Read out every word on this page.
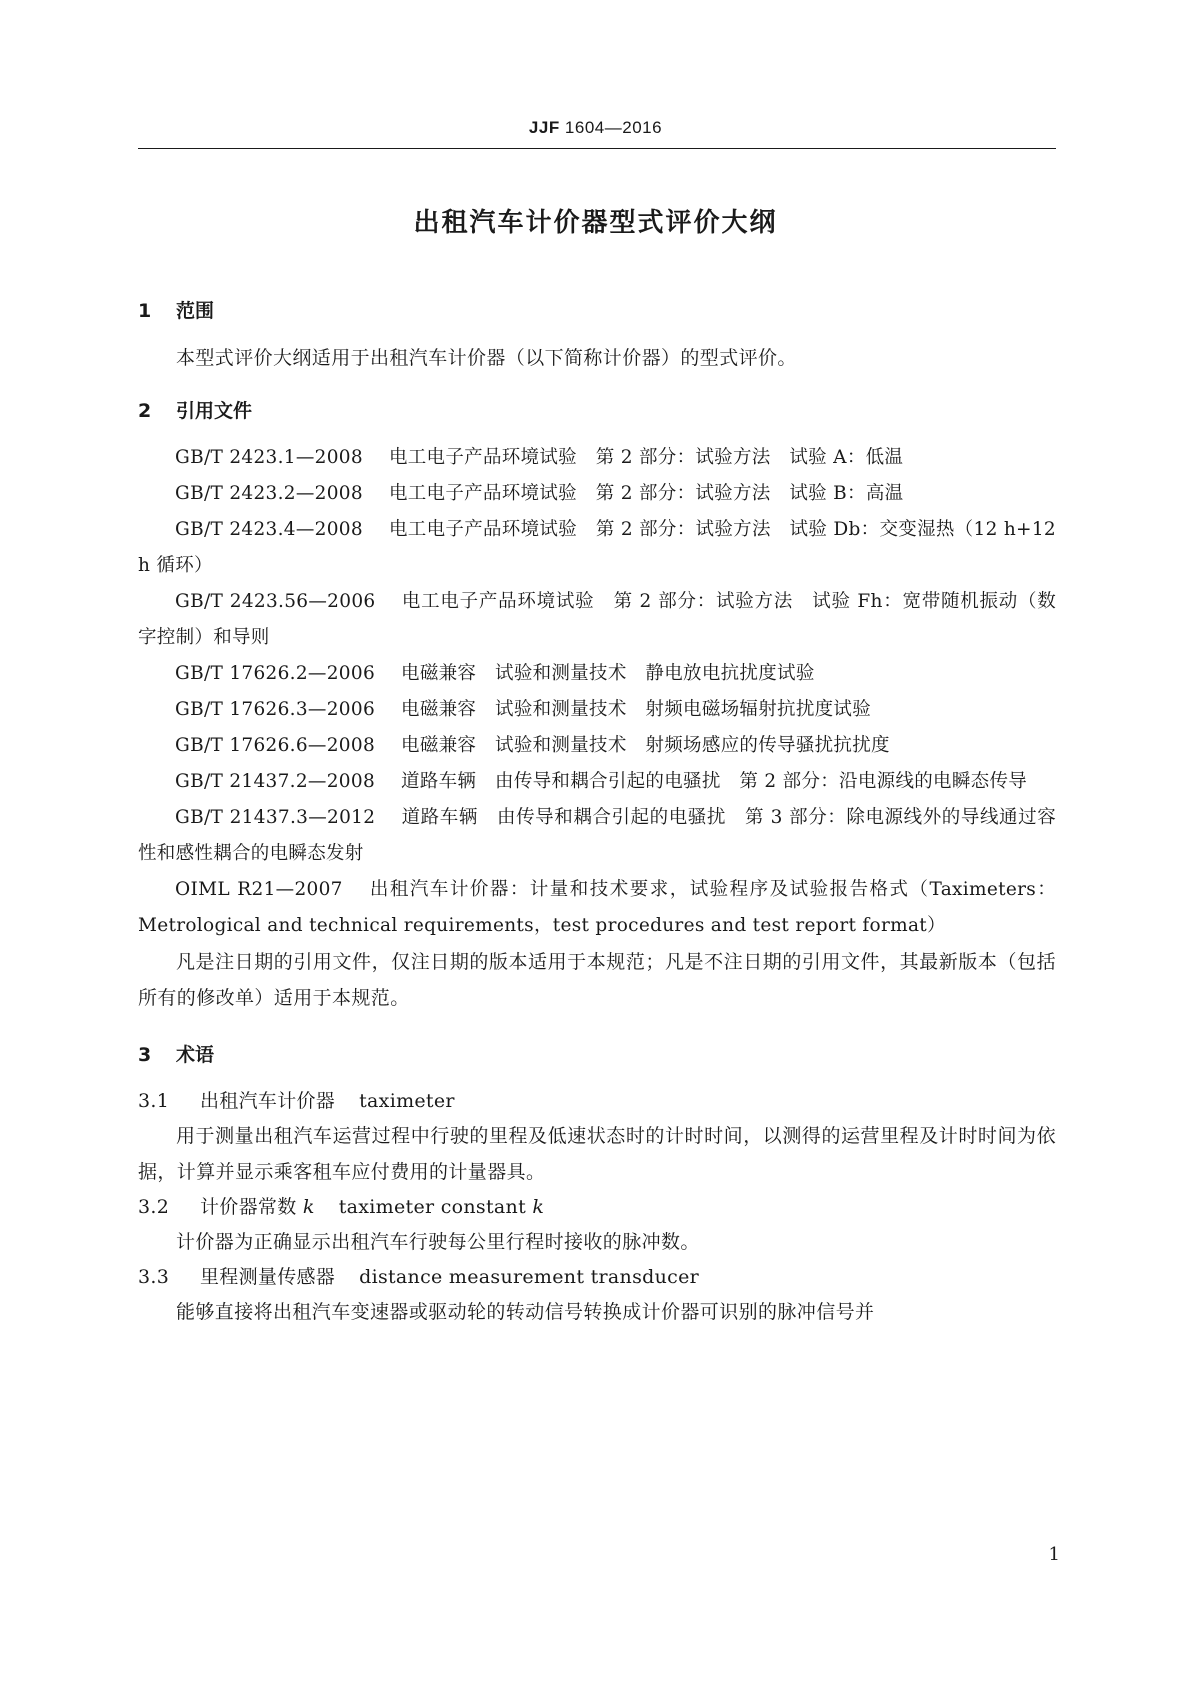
JJF 1604—2016
出租汽车计价器型式评价大纲
1 范围

本型式评价大纲适用于出租汽车计价器（以下简称计价器）的型式评价。

2 引用文件

GB/T 2423.1—2008 电工电子产品环境试验　第 2 部分：试验方法　试验 A：低温

GB/T 2423.2—2008 电工电子产品环境试验　第 2 部分：试验方法　试验 B：高温

GB/T 2423.4—2008 电工电子产品环境试验　第 2 部分：试验方法　试验 Db：交变湿热（12 h+12 h 循环）

GB/T 2423.56—2006 电工电子产品环境试验　第 2 部分：试验方法　试验 Fh：宽带随机振动（数字控制）和导则

GB/T 17626.2—2006 电磁兼容　试验和测量技术　静电放电抗扰度试验

GB/T 17626.3—2006 电磁兼容　试验和测量技术　射频电磁场辐射抗扰度试验

GB/T 17626.6—2008 电磁兼容　试验和测量技术　射频场感应的传导骚扰抗扰度

GB/T 21437.2—2008 道路车辆　由传导和耦合引起的电骚扰　第 2 部分：沿电源线的电瞬态传导

GB/T 21437.3—2012 道路车辆　由传导和耦合引起的电骚扰　第 3 部分：除电源线外的导线通过容性和感性耦合的电瞬态发射

OIML R21—2007 出租汽车计价器：计量和技术要求，试验程序及试验报告格式（Taximeters：Metrological and technical requirements，test procedures and test report format）

凡是注日期的引用文件，仅注日期的版本适用于本规范；凡是不注日期的引用文件，其最新版本（包括所有的修改单）适用于本规范。

3 术语
3.1 出租汽车计价器 taximeter

用于测量出租汽车运营过程中行驶的里程及低速状态时的计时时间，以测得的运营里程及计时时间为依据，计算并显示乘客租车应付费用的计量器具。

3.2 计价器常数 k taximeter constant k

计价器为正确显示出租汽车行驶每公里行程时接收的脉冲数。

3.3 里程测量传感器 distance measurement transducer

能够直接将出租汽车变速器或驱动轮的转动信号转换成计价器可识别的脉冲信号并

1
